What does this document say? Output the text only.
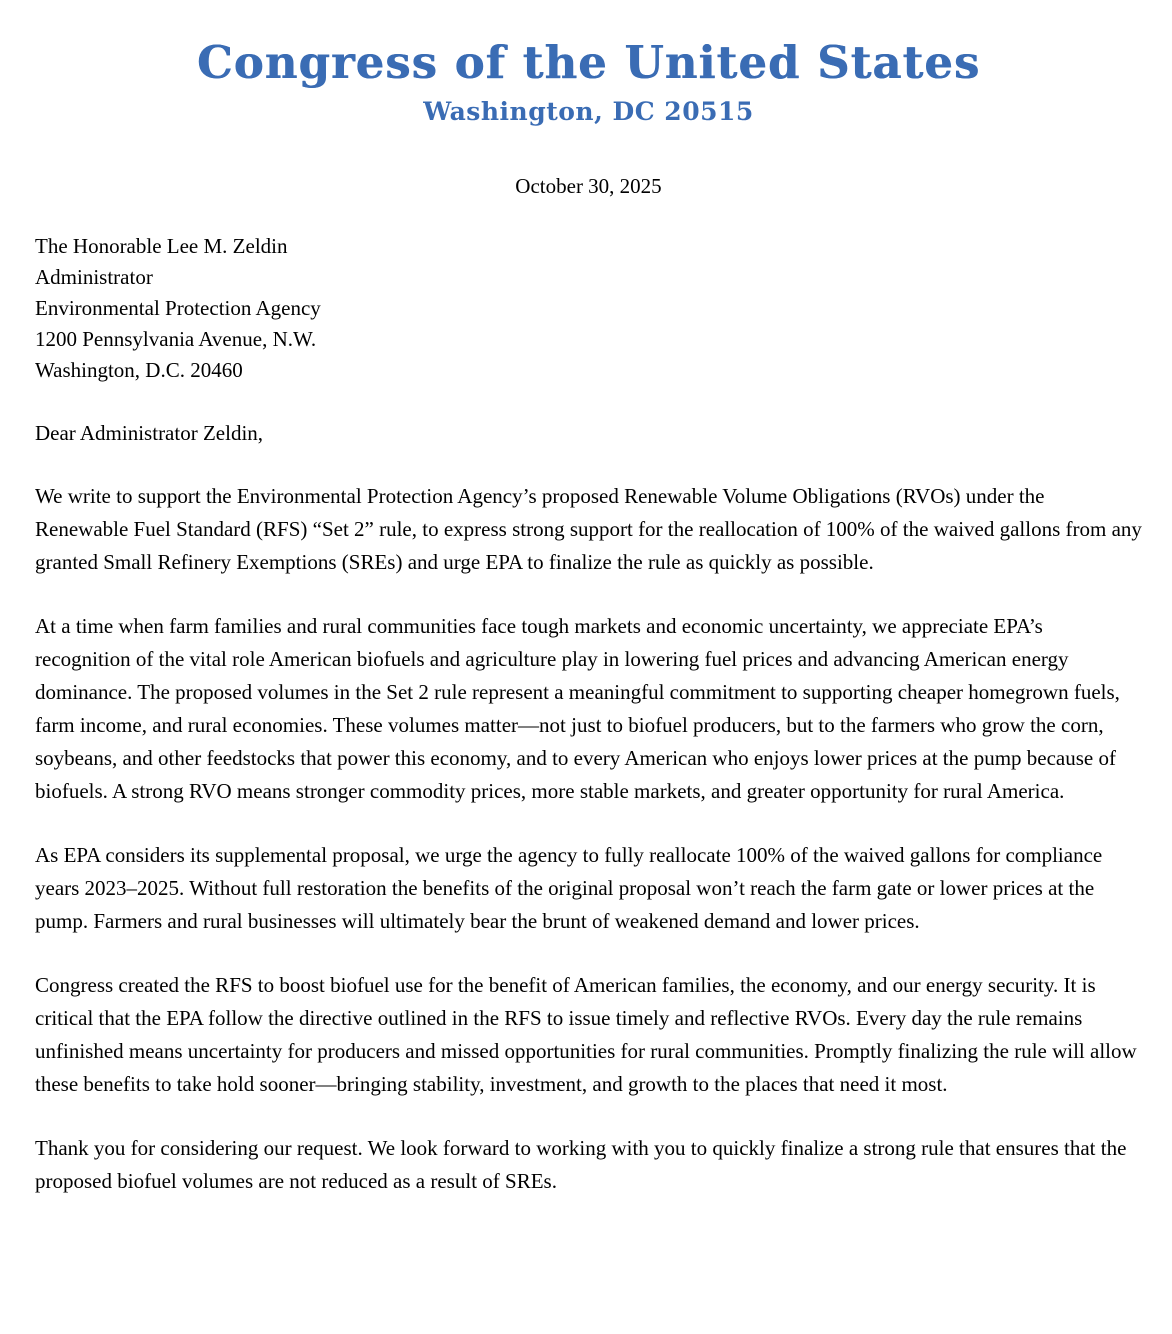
Congress of the United States
Washington, DC 20515
October 30, 2025
The Honorable Lee M. Zeldin
Administrator
Environmental Protection Agency
1200 Pennsylvania Avenue, N.W.
Washington, D.C. 20460
Dear Administrator Zeldin,

We write to support the Environmental Protection Agency’s proposed Renewable Volume Obligations (RVOs) under the Renewable Fuel Standard (RFS) “Set 2” rule, to express strong support for the reallocation of 100% of the waived gallons from any granted Small Refinery Exemptions (SREs) and urge EPA to finalize the rule as quickly as possible.

At a time when farm families and rural communities face tough markets and economic uncertainty, we appreciate EPA’s recognition of the vital role American biofuels and agriculture play in lowering fuel prices and advancing American energy dominance. The proposed volumes in the Set 2 rule represent a meaningful commitment to supporting cheaper homegrown fuels, farm income, and rural economies. These volumes matter—not just to biofuel producers, but to the farmers who grow the corn, soybeans, and other feedstocks that power this economy, and to every American who enjoys lower prices at the pump because of biofuels. A strong RVO means stronger commodity prices, more stable markets, and greater opportunity for rural America.

As EPA considers its supplemental proposal, we urge the agency to fully reallocate 100% of the waived gallons for compliance years 2023–2025. Without full restoration the benefits of the original proposal won’t reach the farm gate or lower prices at the pump. Farmers and rural businesses will ultimately bear the brunt of weakened demand and lower prices.

Congress created the RFS to boost biofuel use for the benefit of American families, the economy, and our energy security. It is critical that the EPA follow the directive outlined in the RFS to issue timely and reflective RVOs. Every day the rule remains unfinished means uncertainty for producers and missed opportunities for rural communities. Promptly finalizing the rule will allow these benefits to take hold sooner—bringing stability, investment, and growth to the places that need it most.

Thank you for considering our request. We look forward to working with you to quickly finalize a strong rule that ensures that the proposed biofuel volumes are not reduced as a result of SREs.
